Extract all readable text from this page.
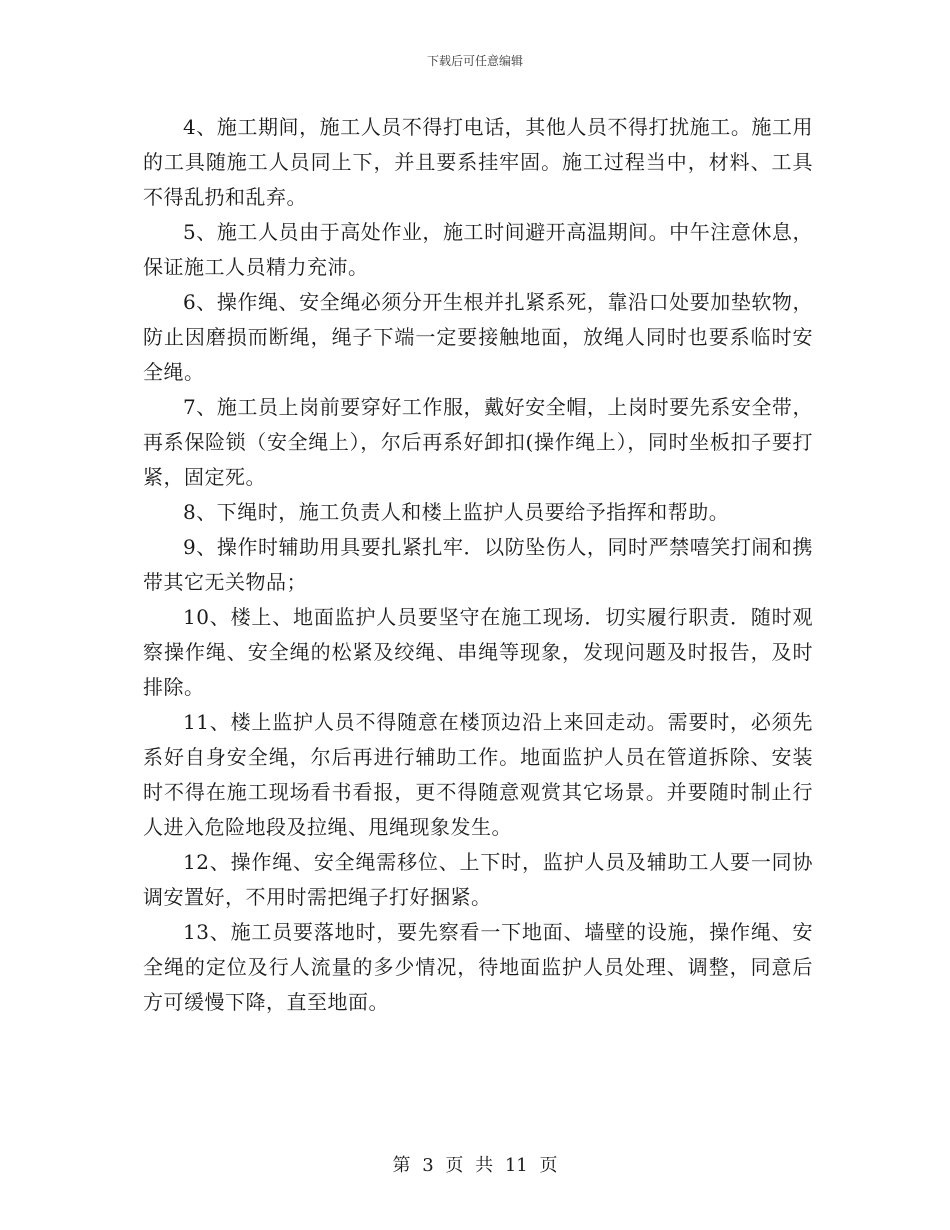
下载后可任意编辑

4、施工期间，施工人员不得打电话，其他人员不得打扰施工。施工用的工具随施工人员同上下，并且要系挂牢固。施工过程当中，材料、工具不得乱扔和乱弃。

5、施工人员由于高处作业，施工时间避开高温期间。中午注意休息，保证施工人员精力充沛。

6、操作绳、安全绳必须分开生根并扎紧系死，靠沿口处要加垫软物，防止因磨损而断绳，绳子下端一定要接触地面，放绳人同时也要系临时安全绳。

7、施工员上岗前要穿好工作服，戴好安全帽，上岗时要先系安全带，再系保险锁（安全绳上），尔后再系好卸扣(操作绳上），同时坐板扣子要打紧，固定死。

8、下绳时，施工负责人和楼上监护人员要给予指挥和帮助。

9、操作时辅助用具要扎紧扎牢．以防坠伤人，同时严禁嘻笑打闹和携带其它无关物品；

10、楼上、地面监护人员要坚守在施工现场．切实履行职责．随时观察操作绳、安全绳的松紧及绞绳、串绳等现象，发现问题及时报告，及时排除。

11、楼上监护人员不得随意在楼顶边沿上来回走动。需要时，必须先系好自身安全绳，尔后再进行辅助工作。地面监护人员在管道拆除、安装时不得在施工现场看书看报，更不得随意观赏其它场景。并要随时制止行人进入危险地段及拉绳、甩绳现象发生。

12、操作绳、安全绳需移位、上下时，监护人员及辅助工人要一同协调安置好，不用时需把绳子打好捆紧。

13、施工员要落地时，要先察看一下地面、墙壁的设施，操作绳、安全绳的定位及行人流量的多少情况，待地面监护人员处理、调整，同意后方可缓慢下降，直至地面。

第 3 页 共 11 页
